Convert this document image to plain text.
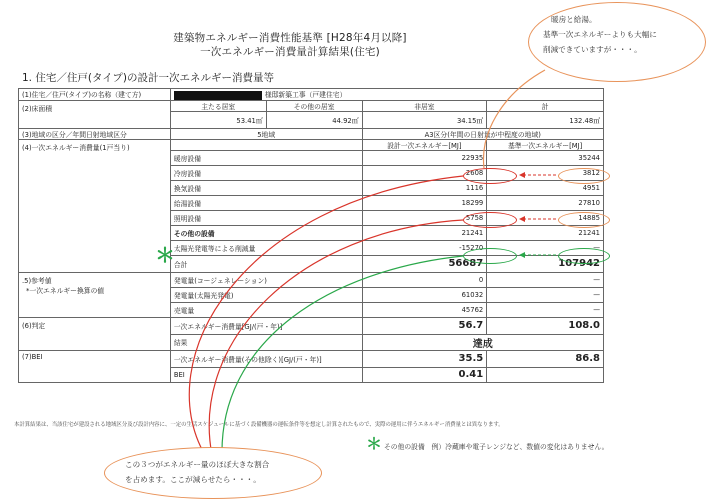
建築物エネルギー消費性能基準 [H28年4月以降]
一次エネルギー消費量計算結果(住宅)
1. 住宅／住戸(タイプ)の設計一次エネルギー消費量等
(1)住宅／住戸(タイプ)の名称（建て方)	様邸新築工事（戸建住宅）			
(2)床面積	主たる居室	その他の居室	非居室	計
	53.41㎡	44.92㎡	34.15㎡	132.48㎡
(3)地域の区分／年間日射地域区分	5地域		A3区分(年間の日射量が中程度の地域)	
(4)一次エネルギー消費量(1戸当り)			設計一次エネルギー[MJ]	基準一次エネルギー[MJ]
	暖房設備		22935	35244
	冷房設備		2608	3812
	換気設備		1116	4951
	給湯設備		18299	27810
	照明設備		5758	14885
	その他の設備		21241	21241
	太陽光発電等による削減量		-15270	—
	合計		56687	107942

.5)参考値
*一次エネルギー換算の値	発電量(コージェネレーション)		0	—
	発電量(太陽光発電)		61032	—
	売電量		45762	—
(6)判定	一次エネルギー消費量[GJ/(戸・年)]		56.7	108.0
	結果		達成	
(7)BEI	一次エネルギー消費量(その他除く)[GJ/(戸・年)]		35.5	86.8
	BEI		0.41	
本計算結果は、当該住宅が建設される地域区分及び設計内容に、一定の生活スケジュールに基づく設備機器の運転条件等を想定し計算されたもので、実際の運用に伴うエネルギー消費量とは異なります。
＊
＊ その他の設備　例）冷蔵庫や電子レンジなど、数値の変化はありません。
暖房と給湯。
基準一次エネルギーよりも大幅に
削減できていますが・・・。
この３つがエネルギー量のほぼ大きな割合
を占めます。ここが減らせたら・・・。
